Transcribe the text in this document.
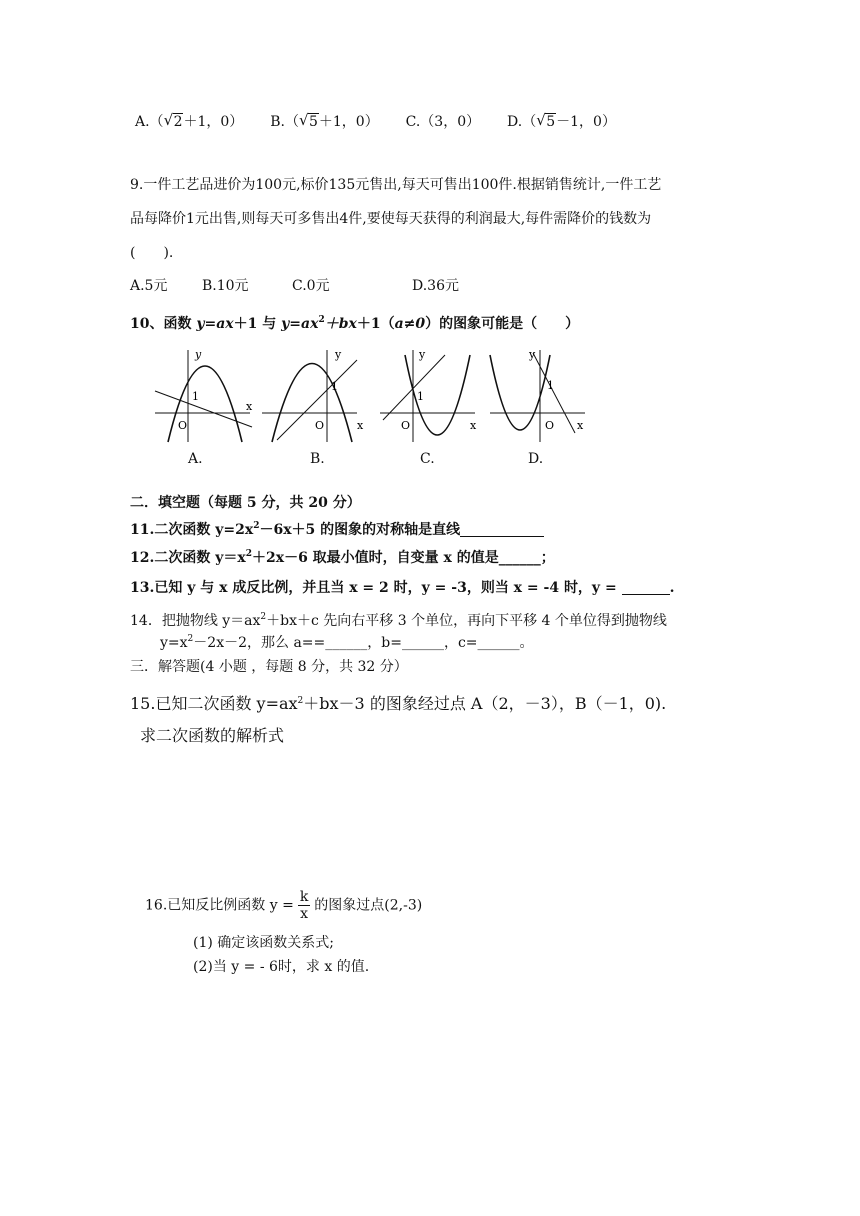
A.（ √ 2＋1，0） B.（ √ 5＋1，0） C.（3，0） D.（ √ 5－1，0）
9.一件工艺品进价为100元,标价135元售出,每天可售出100件.根据销售统计,一件工艺
品每降价1元出售,则每天可多售出4件,要使每天获得的利润最大,每件需降价的钱数为
(　　).
A.5元 B.10元	C.0元	D.36元
10、函数 y=ax＋1 与 $y=ax^2+bx+1(a\ne 0)$的图象可能是（　　）
y
x
O
1
y
x
O
1
y
x
O
1
y
x
O
1
A.	B.	C.	D.
二．填空题（每题 5 分，共 20 分）
11.二次函数 $y=2x^2-6x+5$ 的图象的对称轴是直线
12.二次函数 $y=x^2+2x-6$ 取最小值时，自变量 x 的值是______；
13.已知 y 与 x 成反比例，并且当 x = 2 时，y = -3，则当 x = -4 时，y =	.
14．把抛物线 $y=ax^2+bx+c$ 先向右平移 3 个单位，再向下平移 4 个单位得到抛物线
$y=x^2-2x-2$，那么 a==______，b=______，c=______。
三．解答题(4 小题 ，每题 8 分，共 32 分）
15.已知二次函数 $y=ax^2+bx-3$ 的图象经过点 A（2，－3），B（－1，0).
求二次函数的解析式
16.已知反比例函数 $y = \frac{k}{x}$ 的图象过点(2,-3)
(1) 确定该函数关系式;
(2)当 y = - 6时，求 x 的值.
